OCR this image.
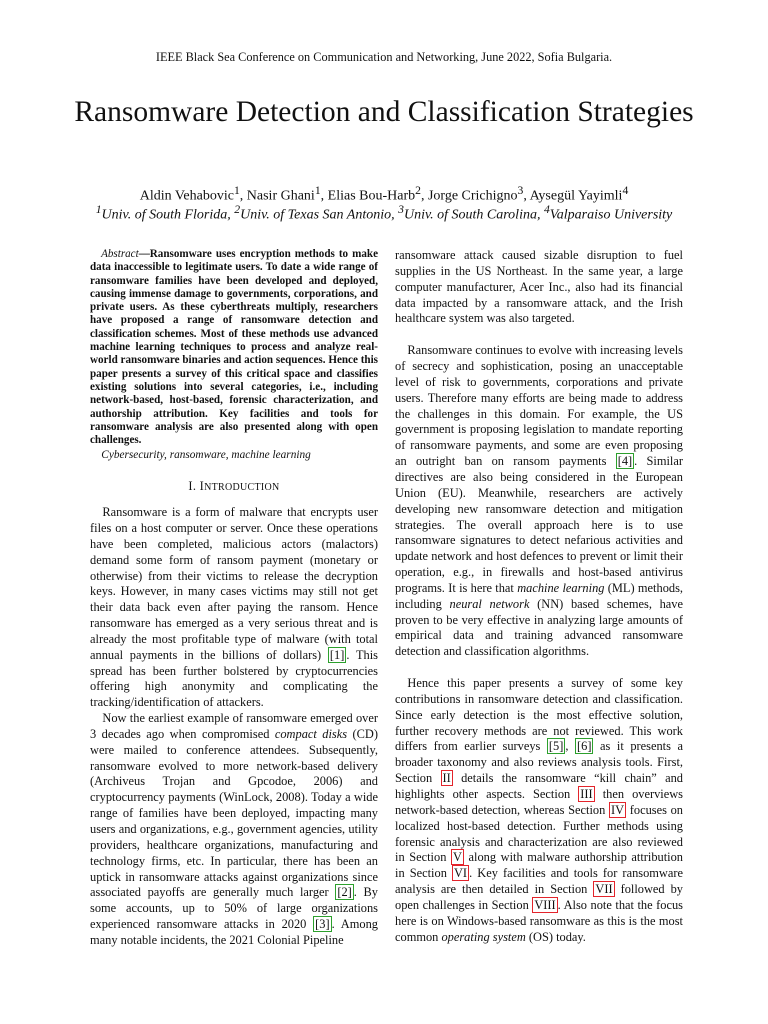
IEEE Black Sea Conference on Communication and Networking, June 2022, Sofia Bulgaria.
Ransomware Detection and Classification Strategies
Aldin Vehabovic$^1$, Nasir Ghani$^1$, Elias Bou-Harb$^2$, Jorge Crichigno$^3$, Aysegül Yayimli$^4$
$^1$Univ. of South Florida, $^2$Univ. of Texas San Antonio, $^3$Univ. of South Carolina, $^4$Valparaiso University

Abstract—Ransomware uses encryption methods to make data inaccessible to legitimate users. To date a wide range of ransomware families have been developed and deployed, causing immense damage to governments, corporations, and private users. As these cyberthreats multiply, researchers have proposed a range of ransomware detection and classification schemes. Most of these methods use advanced machine learning techniques to process and analyze real-world ransomware binaries and action sequences. Hence this paper presents a survey of this critical space and classifies existing solutions into several categories, i.e., including network-based, host-based, forensic characterization, and authorship attribution. Key facilities and tools for ransomware analysis are also presented along with open challenges.

Cybersecurity, ransomware, machine learning

I. INTRODUCTION

Ransomware is a form of malware that encrypts user files on a host computer or server. Once these operations have been completed, malicious actors (malactors) demand some form of ransom payment (monetary or otherwise) from their victims to release the decryption keys. However, in many cases victims may still not get their data back even after paying the ransom. Hence ransomware has emerged as a very serious threat and is already the most profitable type of malware (with total annual payments in the billions of dollars) [1] . This spread has been further bolstered by cryptocurrencies offering high anonymity and complicating the tracking/identification of attackers.

Now the earliest example of ransomware emerged over 3 decades ago when compromised compact disks (CD) were mailed to conference attendees. Subsequently, ransomware evolved to more network-based delivery (Archiveus Trojan and Gpcodoe, 2006) and cryptocurrency payments (WinLock, 2008). Today a wide range of families have been deployed, impacting many users and organizations, e.g., government agencies, utility providers, healthcare organizations, manufacturing and technology firms, etc. In particular, there has been an uptick in ransomware attacks against organizations since associated payoffs are generally much larger [2] . By some accounts, up to 50% of large organizations experienced ransomware attacks in 2020 [3] . Among many notable incidents, the 2021 Colonial Pipeline

ransomware attack caused sizable disruption to fuel supplies in the US Northeast. In the same year, a large computer manufacturer, Acer Inc., also had its financial data impacted by a ransomware attack, and the Irish healthcare system was also targeted.

Ransomware continues to evolve with increasing levels of secrecy and sophistication, posing an unacceptable level of risk to governments, corporations and private users. Therefore many efforts are being made to address the challenges in this domain. For example, the US government is proposing legislation to mandate reporting of ransomware payments, and some are even proposing an outright ban on ransom payments [4] . Similar directives are also being considered in the European Union (EU). Meanwhile, researchers are actively developing new ransomware detection and mitigation strategies. The overall approach here is to use ransomware signatures to detect nefarious activities and update network and host defences to prevent or limit their operation, e.g., in firewalls and host-based antivirus programs. It is here that machine learning (ML) methods, including neural network (NN) based schemes, have proven to be very effective in analyzing large amounts of empirical data and training advanced ransomware detection and classification algorithms.

Hence this paper presents a survey of some key contributions in ransomware detection and classification. Since early detection is the most effective solution, further recovery methods are not reviewed. This work differs from earlier surveys [5] , [6] as it presents a broader taxonomy and also reviews analysis tools. First, Section II details the ransomware “kill chain” and highlights other aspects. Section III then overviews network-based detection, whereas Section IV focuses on localized host-based detection. Further methods using forensic analysis and characterization are also reviewed in Section V along with malware authorship attribution in Section VI . Key facilities and tools for ransomware analysis are then detailed in Section VII followed by open challenges in Section VIII . Also note that the focus here is on Windows-based ransomware as this is the most common operating system (OS) today.
